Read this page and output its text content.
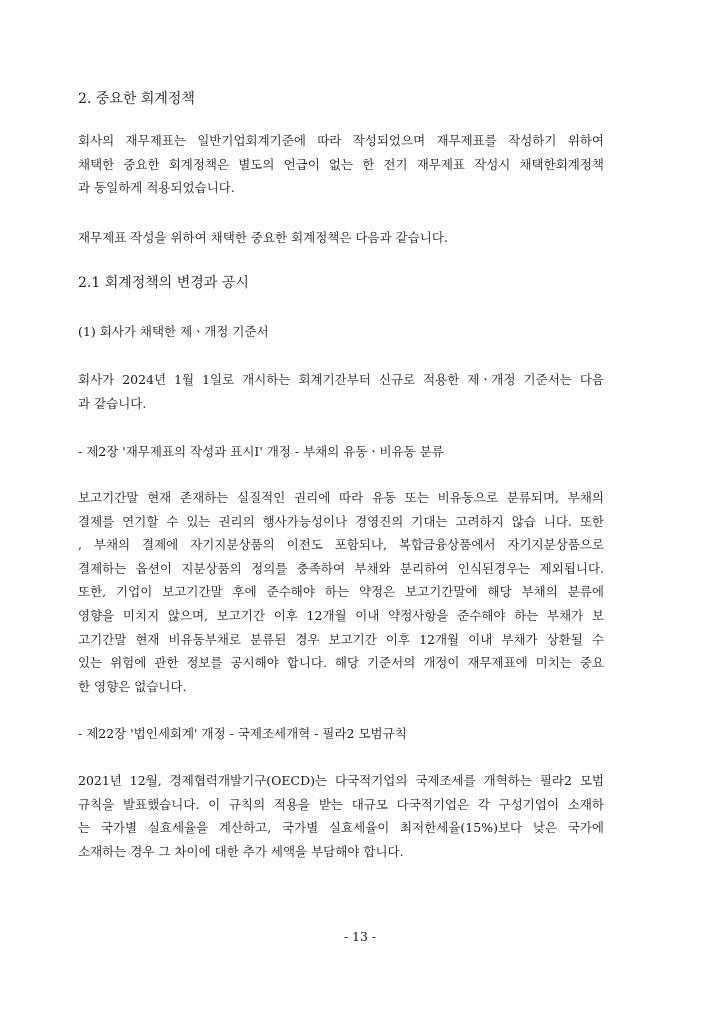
2. 중요한 회계정책
회사의 재무제표는 일반기업회계기준에 따라 작성되었으며 재무제표를 작성하기 위하여
채택한 중요한 회계정책은 별도의 언급이 없는 한 전기 재무제표 작성시 채택한회계정책
과 동일하게 적용되었습니다.
재무제표 작성을 위하여 채택한 중요한 회계정책은 다음과 같습니다.
2.1 회계정책의 변경과 공시
(1) 회사가 채택한 제ㆍ개정 기준서
회사가 2024년 1월 1일로 개시하는 회계기간부터 신규로 적용한 제ㆍ개정 기준서는 다음
과 같습니다.
- 제2장 '재무제표의 작성과 표시Ⅰ' 개정 - 부채의 유동ㆍ비유동 분류
보고기간말 현재 존재하는 실질적인 권리에 따라 유동 또는 비유동으로 분류되며, 부채의
결제를 연기할 수 있는 권리의 행사가능성이나 경영진의 기대는 고려하지 않습 니다. 또한
, 부채의 결제에 자기지분상품의 이전도 포함되나, 복합금융상품에서 자기지분상품으로
결제하는 옵션이 지분상품의 정의를 충족하여 부채와 분리하여 인식된경우는 제외됩니다.
또한, 기업이 보고기간말 후에 준수해야 하는 약정은 보고기간말에 해당 부채의 분류에
영향을 미치지 않으며, 보고기간 이후 12개월 이내 약정사항을 준수해야 하는 부채가 보
고기간말 현재 비유동부채로 분류된 경우 보고기간 이후 12개월 이내 부채가 상환될 수
있는 위험에 관한 정보를 공시해야 합니다. 해당 기준서의 개정이 재무제표에 미치는 중요
한 영향은 없습니다.
- 제22장 '법인세회계' 개정 - 국제조세개혁 - 필라2 모범규칙
2021년 12월, 경제협력개발기구(OECD)는 다국적기업의 국제조세를 개혁하는 필라2 모범
규칙을 발표했습니다. 이 규칙의 적용을 받는 대규모 다국적기업은 각 구성기업이 소재하
는 국가별 실효세율을 계산하고, 국가별 실효세율이 최저한세율(15%)보다 낮은 국가에
소재하는 경우 그 차이에 대한 추가 세액을 부담해야 합니다.
- 13 -
